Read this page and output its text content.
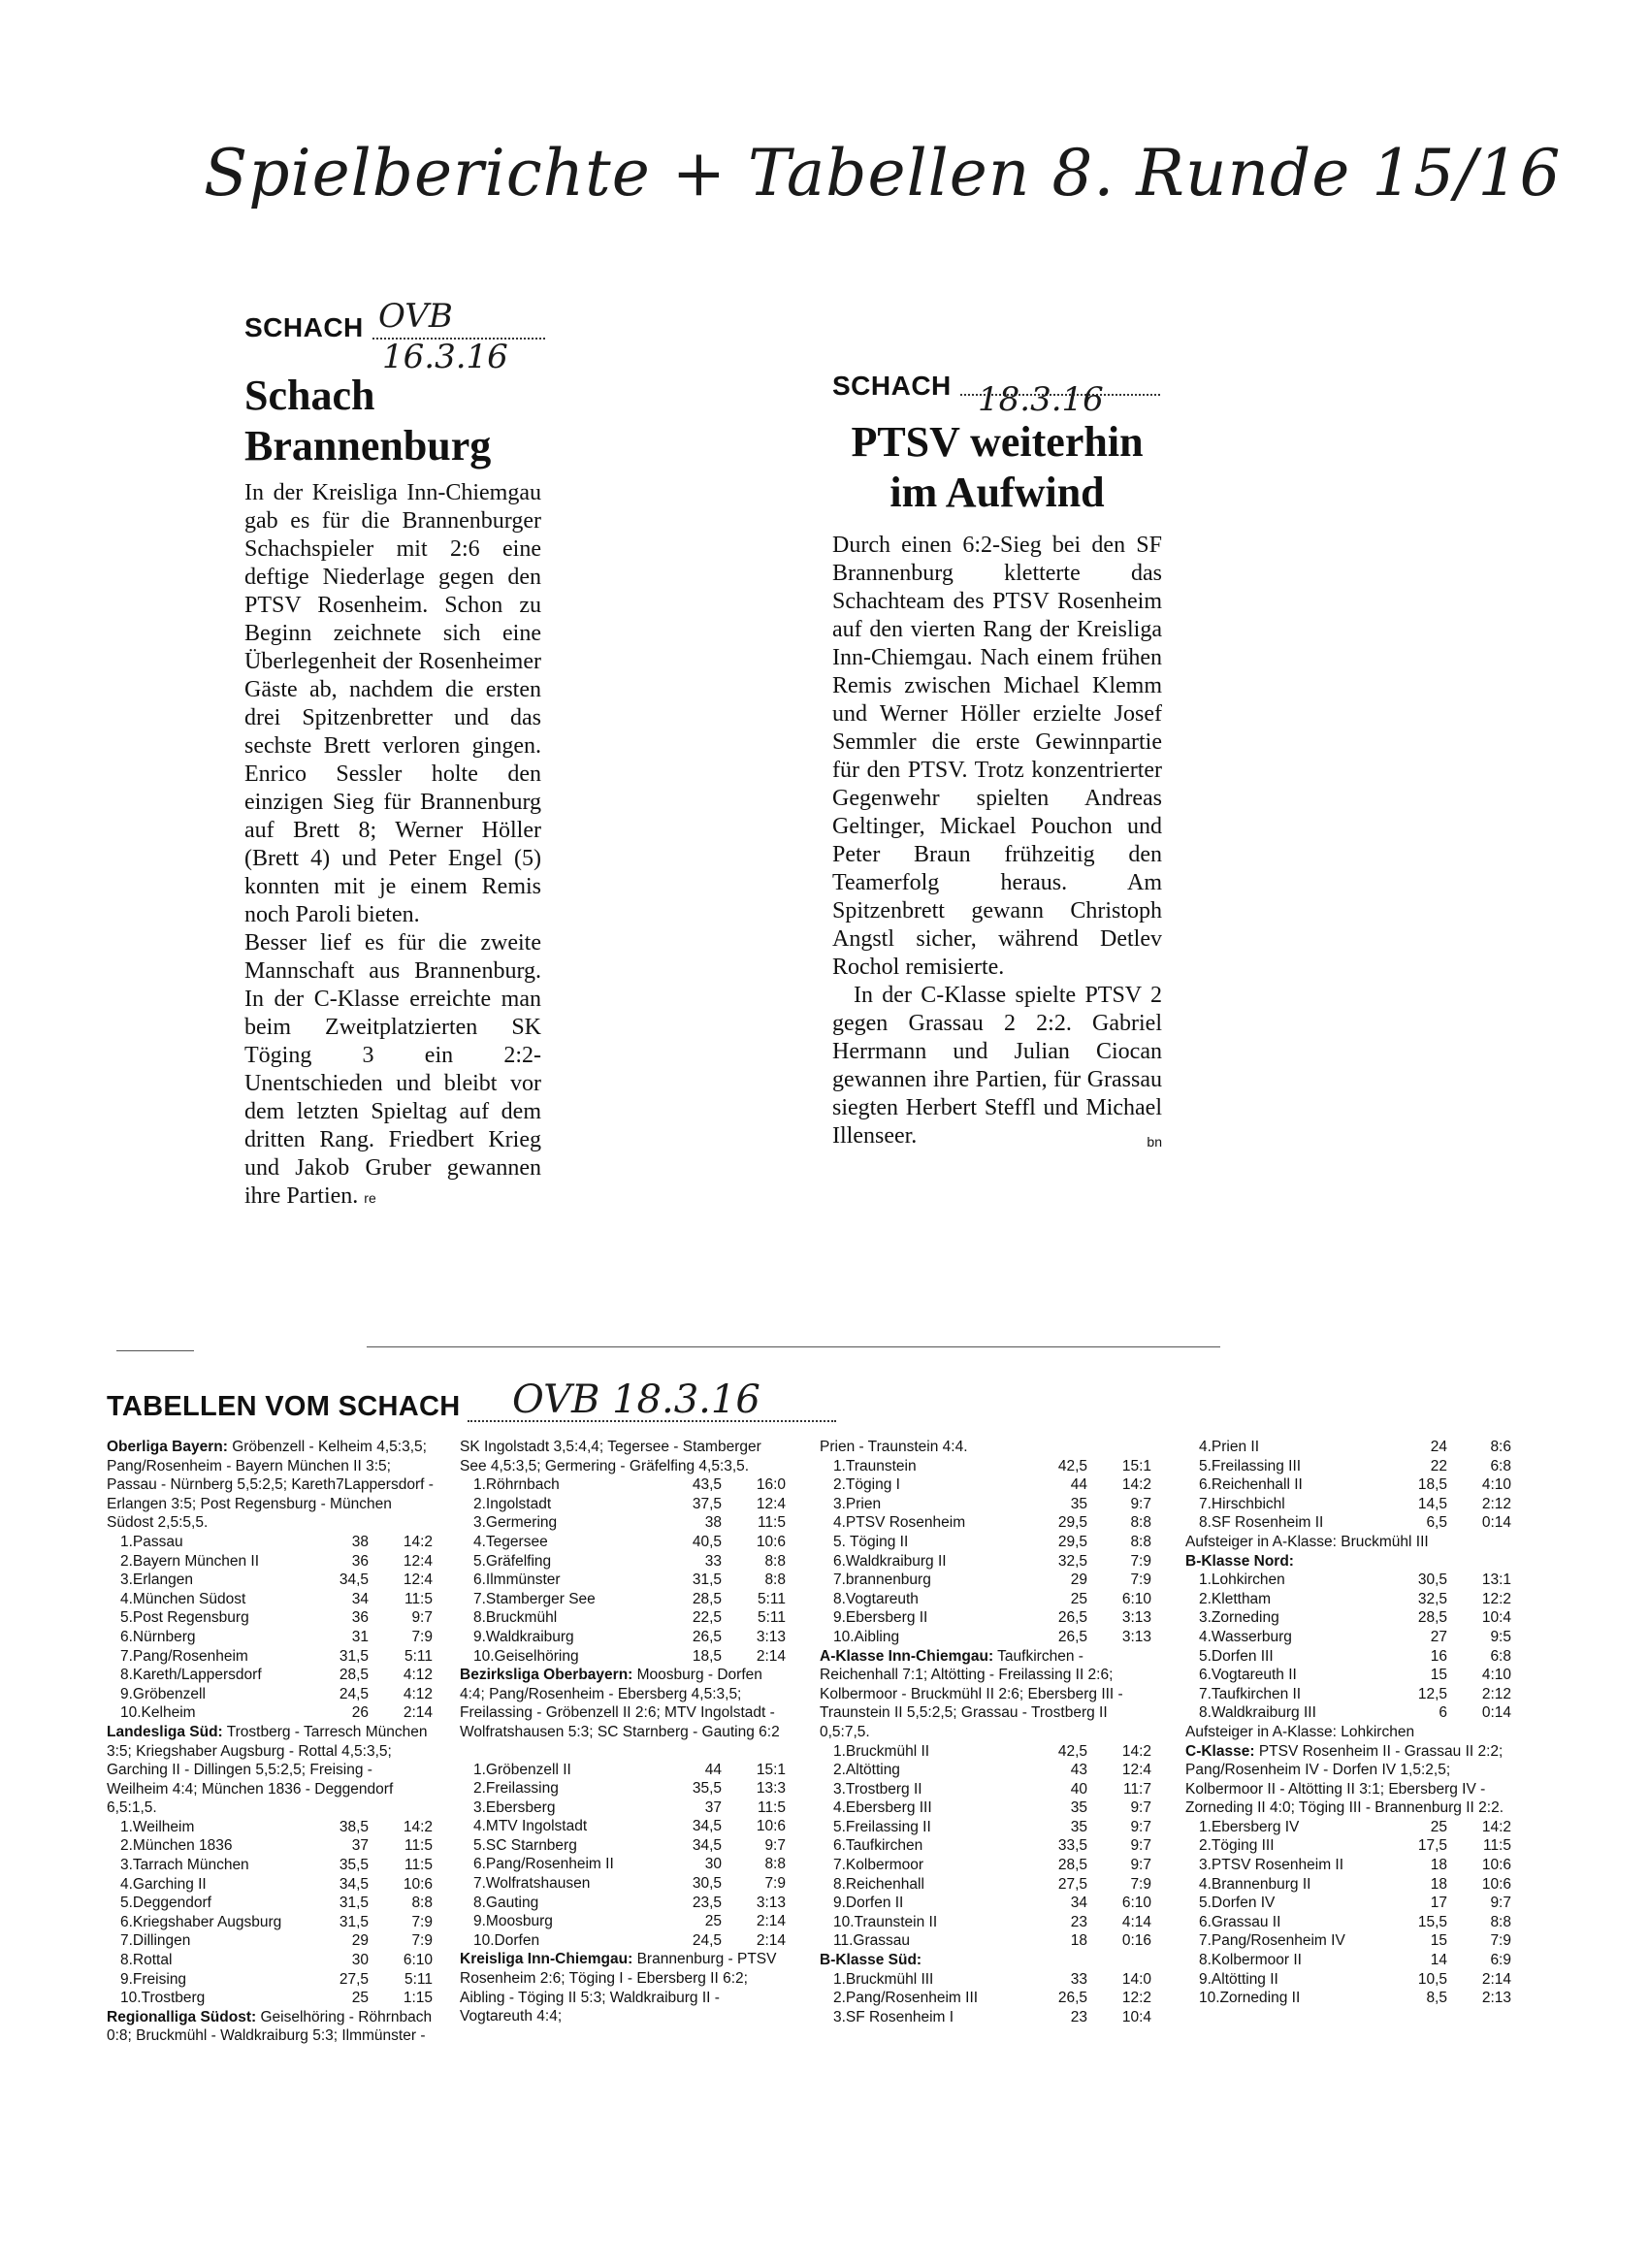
Spielberichte + Tabellen 8. Runde 15/16
SCHACH OVB
16.3.16
Schach
Brannenburg

In der Kreisliga Inn-Chiemgau gab es für die Brannenburger Schachspieler mit 2:6 eine deftige Niederlage gegen den PTSV Rosenheim. Schon zu Beginn zeichnete sich eine Überlegenheit der Rosenheimer Gäste ab, nachdem die ersten drei Spitzenbretter und das sechste Brett verloren gingen. Enrico Sessler holte den einzigen Sieg für Brannenburg auf Brett 8; Werner Höller (Brett 4) und Peter Engel (5) konnten mit je einem Remis noch Paroli bieten.

Besser lief es für die zweite Mannschaft aus Brannenburg. In der C-Klasse erreichte man beim Zweitplatzierten SK Töging 3 ein 2:2-Unentschieden und bleibt vor dem letzten Spieltag auf dem dritten Rang. Friedbert Krieg und Jakob Gruber gewannen ihre Partien. re

SCHACH 18.3.16
PTSV weiterhin
im Aufwind

Durch einen 6:2-Sieg bei den SF Brannenburg kletterte das Schachteam des PTSV Rosenheim auf den vierten Rang der Kreisliga Inn-Chiemgau. Nach einem frühen Remis zwischen Michael Klemm und Werner Höller erzielte Josef Semmler die erste Gewinnpartie für den PTSV. Trotz konzentrierter Gegenwehr spielten Andreas Geltinger, Mickael Pouchon und Peter Braun frühzeitig den Teamerfolg heraus. Am Spitzenbrett gewann Christoph Angstl sicher, während Detlev Rochol remisierte.

In der C-Klasse spielte PTSV 2 gegen Grassau 2 2:2. Gabriel Herrmann und Julian Ciocan gewannen ihre Partien, für Grassau siegten Herbert Steffl und Michael Illenseer.	bn

TABELLEN VOM SCHACH OVB 18.3.16
Oberliga Bayern: Gröbenzell - Kelheim 4,5:3,5; Pang/Rosenheim - Bayern München II 3:5; Passau - Nürnberg 5,5:2,5; Kareth7Lappersdorf - Erlangen 3:5; Post Regensburg - München Südost 2,5:5,5.
1.Passau	38	14:2
2.Bayern München II	36	12:4
3.Erlangen	34,5	12:4
4.München Südost	34	11:5
5.Post Regensburg	36	9:7
6.Nürnberg	31	7:9
7.Pang/Rosenheim	31,5	5:11
8.Kareth/Lappersdorf	28,5	4:12
9.Gröbenzell	24,5	4:12
10.Kelheim	26	2:14
Landesliga Süd: Trostberg - Tarresch München 3:5; Kriegshaber Augsburg - Rottal 4,5:3,5; Garching II - Dillingen 5,5:2,5; Freising - Weilheim 4:4; München 1836 - Deggendorf 6,5:1,5.
1.Weilheim	38,5	14:2
2.München 1836	37	11:5
3.Tarrach München	35,5	11:5
4.Garching II	34,5	10:6
5.Deggendorf	31,5	8:8
6.Kriegshaber Augsburg	31,5	7:9
7.Dillingen	29	7:9
8.Rottal	30	6:10
9.Freising	27,5	5:11
10.Trostberg	25	1:15
Regionalliga Südost: Geiselhöring - Röhrnbach 0:8; Bruckmühl - Waldkraiburg 5:3; Ilmmünster -
SK Ingolstadt 3,5:4,4; Tegersee - Stamberger See 4,5:3,5; Germering - Gräfelfing 4,5:3,5.
1.Röhrnbach	43,5	16:0
2.Ingolstadt	37,5	12:4
3.Germering	38	11:5
4.Tegersee	40,5	10:6
5.Gräfelfing	33	8:8
6.Ilmmünster	31,5	8:8
7.Stamberger See	28,5	5:11
8.Bruckmühl	22,5	5:11
9.Waldkraiburg	26,5	3:13
10.Geiselhöring	18,5	2:14
Bezirksliga Oberbayern: Moosburg - Dorfen 4:4; Pang/Rosenheim - Ebersberg 4,5:3,5; Freilassing - Gröbenzell II 2:6; MTV Ingolstadt - Wolfratshausen 5:3; SC Starnberg - Gauting 6:2
1.Gröbenzell II	44	15:1
2.Freilassing	35,5	13:3
3.Ebersberg	37	11:5
4.MTV Ingolstadt	34,5	10:6
5.SC Starnberg	34,5	9:7
6.Pang/Rosenheim II	30	8:8
7.Wolfratshausen	30,5	7:9
8.Gauting	23,5	3:13
9.Moosburg	25	2:14
10.Dorfen	24,5	2:14
Kreisliga Inn-Chiemgau: Brannenburg - PTSV Rosenheim 2:6; Töging I - Ebersberg II 6:2; Aibling - Töging II 5:3; Waldkraiburg II - Vogtareuth 4:4;
Prien - Traunstein 4:4.
1.Traunstein	42,5	15:1
2.Töging I	44	14:2
3.Prien	35	9:7
4.PTSV Rosenheim	29,5	8:8
5. Töging II	29,5	8:8
6.Waldkraiburg II	32,5	7:9
7.brannenburg	29	7:9
8.Vogtareuth	25	6:10
9.Ebersberg II	26,5	3:13
10.Aibling	26,5	3:13
A-Klasse Inn-Chiemgau: Taufkirchen - Reichenhall 7:1; Altötting - Freilassing II 2:6; Kolbermoor - Bruckmühl II 2:6; Ebersberg III - Traunstein II 5,5:2,5; Grassau - Trostberg II 0,5:7,5.
1.Bruckmühl II	42,5	14:2
2.Altötting	43	12:4
3.Trostberg II	40	11:7
4.Ebersberg III	35	9:7
5.Freilassing II	35	9:7
6.Taufkirchen	33,5	9:7
7.Kolbermoor	28,5	9:7
8.Reichenhall	27,5	7:9
9.Dorfen II	34	6:10
10.Traunstein II	23	4:14
11.Grassau	18	0:16
B-Klasse Süd:
1.Bruckmühl III	33	14:0
2.Pang/Rosenheim III	26,5	12:2
3.SF Rosenheim I	23	10:4
4.Prien II	24	8:6
5.Freilassing III	22	6:8
6.Reichenhall II	18,5	4:10
7.Hirschbichl	14,5	2:12
8.SF Rosenheim II	6,5	0:14
Aufsteiger in A-Klasse: Bruckmühl III
B-Klasse Nord:
1.Lohkirchen	30,5	13:1
2.Klettham	32,5	12:2
3.Zorneding	28,5	10:4
4.Wasserburg	27	9:5
5.Dorfen III	16	6:8
6.Vogtareuth II	15	4:10
7.Taufkirchen II	12,5	2:12
8.Waldkraiburg III	6	0:14
Aufsteiger in A-Klasse: Lohkirchen
C-Klasse: PTSV Rosenheim II - Grassau II 2:2; Pang/Rosenheim IV - Dorfen IV 1,5:2,5; Kolbermoor II - Altötting II 3:1; Ebersberg IV - Zorneding II 4:0; Töging III - Brannenburg II 2:2.
1.Ebersberg IV	25	14:2
2.Töging III	17,5	11:5
3.PTSV Rosenheim II	18	10:6
4.Brannenburg II	18	10:6
5.Dorfen IV	17	9:7
6.Grassau II	15,5	8:8
7.Pang/Rosenheim IV	15	7:9
8.Kolbermoor II	14	6:9
9.Altötting II	10,5	2:14
10.Zorneding II	8,5	2:13
